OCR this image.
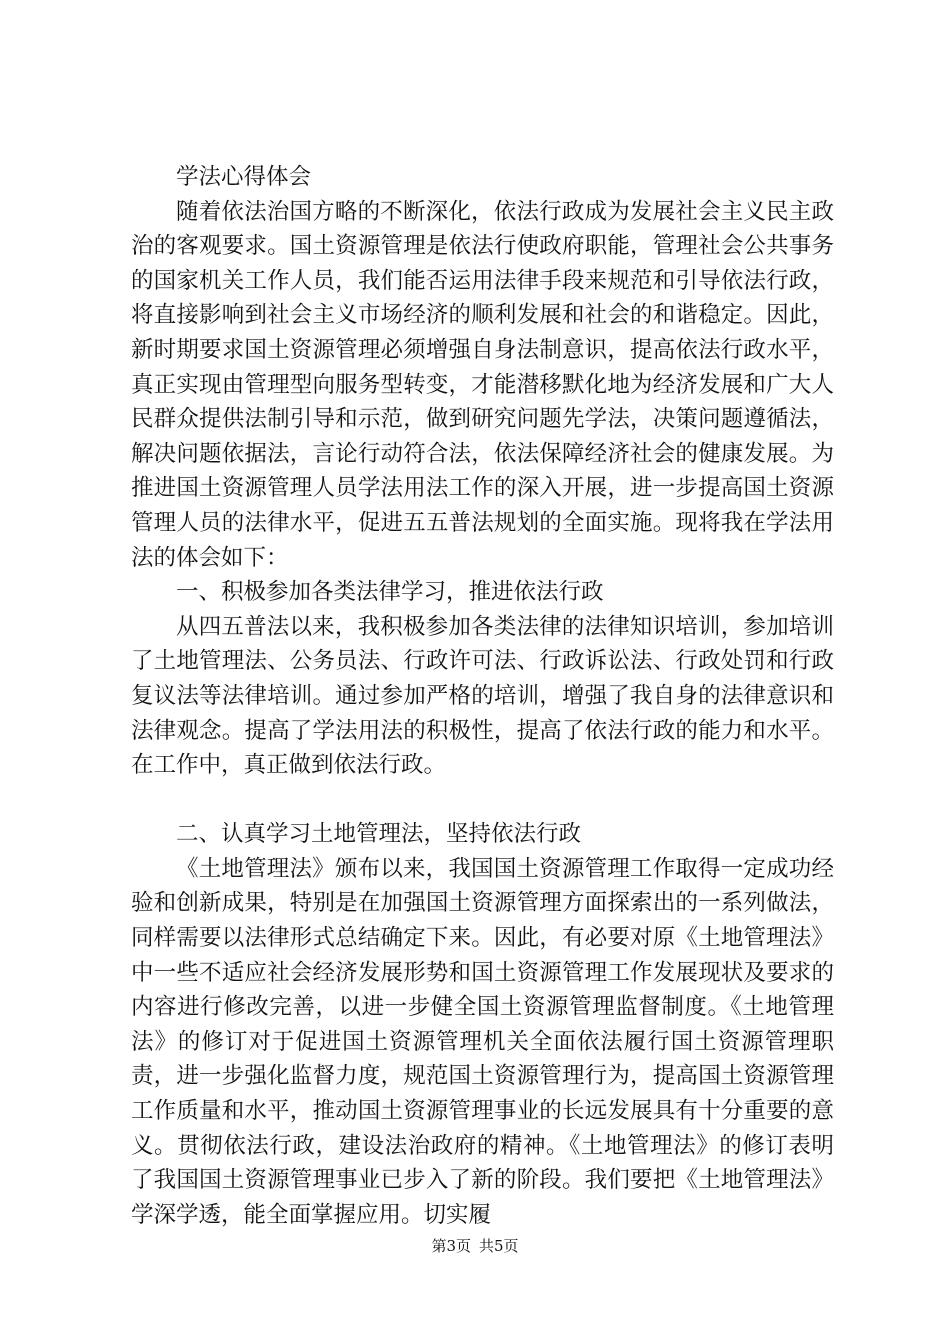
学法心得体会

随着依法治国方略的不断深化，依法行政成为发展社会主义民主政治的客观要求。国土资源管理是依法行使政府职能，管理社会公共事务的国家机关工作人员，我们能否运用法律手段来规范和引导依法行政，将直接影响到社会主义市场经济的顺利发展和社会的和谐稳定。因此，新时期要求国土资源管理必须增强自身法制意识，提高依法行政水平，真正实现由管理型向服务型转变，才能潜移默化地为经济发展和广大人民群众提供法制引导和示范，做到研究问题先学法，决策问题遵循法，解决问题依据法，言论行动符合法，依法保障经济社会的健康发展。为推进国土资源管理人员学法用法工作的深入开展，进一步提高国土资源管理人员的法律水平，促进五五普法规划的全面实施。现将我在学法用法的体会如下：

一、积极参加各类法律学习，推进依法行政

从四五普法以来，我积极参加各类法律的法律知识培训，参加培训了土地管理法、公务员法、行政许可法、行政诉讼法、行政处罚和行政复议法等法律培训。通过参加严格的培训，增强了我自身的法律意识和法律观念。提高了学法用法的积极性，提高了依法行政的能力和水平。在工作中，真正做到依法行政。

二、认真学习土地管理法，坚持依法行政

《土地管理法》颁布以来，我国国土资源管理工作取得一定成功经验和创新成果，特别是在加强国土资源管理方面探索出的一系列做法，同样需要以法律形式总结确定下来。因此，有必要对原《土地管理法》中一些不适应社会经济发展形势和国土资源管理工作发展现状及要求的内容进行修改完善，以进一步健全国土资源管理监督制度。《土地管理法》的修订对于促进国土资源管理机关全面依法履行国土资源管理职责，进一步强化监督力度，规范国土资源管理行为，提高国土资源管理工作质量和水平，推动国土资源管理事业的长远发展具有十分重要的意义。贯彻依法行政，建设法治政府的精神。《土地管理法》的修订表明了我国国土资源管理事业已步入了新的阶段。我们要把《土地管理法》学深学透，能全面掌握应用。切实履

第3页 共5页
